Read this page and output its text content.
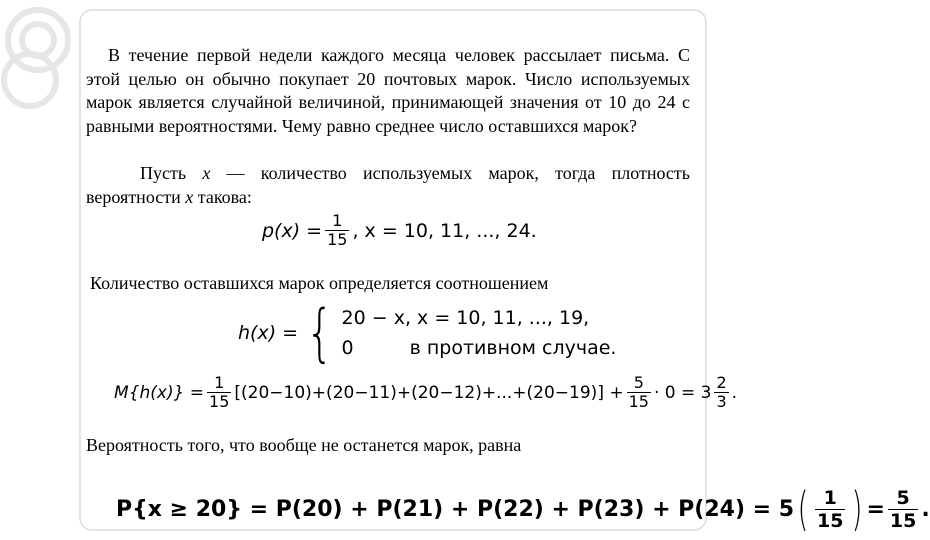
В течение первой недели каждого месяца человек рассылает письма. С этой целью он обычно покупает 20 почтовых марок. Число используемых марок является случайной величиной, принимающей значения от 10 до 24 с равными вероятностями. Чему равно среднее число оставшихся марок?
Пусть x — количество используемых марок, тогда плотность вероятности x такова:
$p(x) = \frac{1}{15}$ , x = 10, 11, ..., 24.
Количество оставшихся марок определяется соотношением
h(x) = { 20 − x, x = 10, 11, ..., 19,
0	в противном случае.
$M\{h(x)\} = \frac{1}{15} [(20-10)+(20-11)+(20-12)+...+(20-19)] + \frac{5}{15} \cdot 0 = 3 \frac{2}{3}$ .
Вероятность того, что вообще не останется марок, равна
P{x ≥ 20} = P(20) + P(21) + P(22) + P(23) + P(24) = 5 ( $\frac{1}{15}$ ) = $\frac{5}{15}$ .
